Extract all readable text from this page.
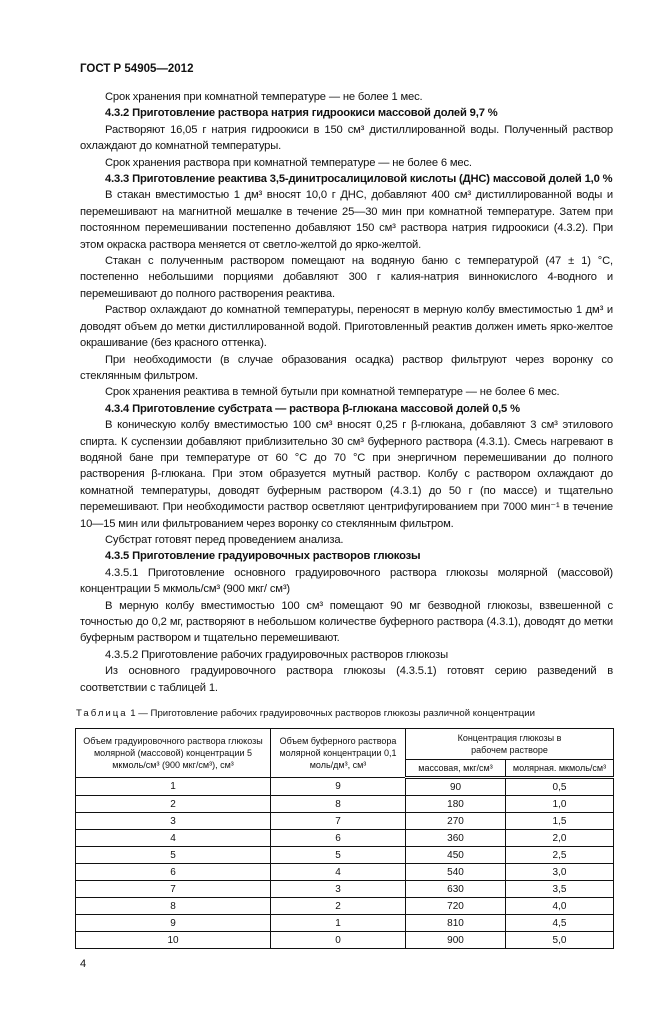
ГОСТ Р 54905—2012

Срок хранения при комнатной температуре — не более 1 мес.

4.3.2 Приготовление раствора натрия гидроокиси массовой долей 9,7 %

Растворяют 16,05 г натрия гидроокиси в 150 см³ дистиллированной воды. Полученный раствор охлаждают до комнатной температуры.

Срок хранения раствора при комнатной температуре — не более 6 мес.

4.3.3 Приготовление реактива 3,5-динитросалициловой кислоты (ДНС) массовой долей 1,0 %

В стакан вместимостью 1 дм³ вносят 10,0 г ДНС, добавляют 400 см³ дистиллированной воды и перемешивают на магнитной мешалке в течение 25—30 мин при комнатной температуре. Затем при постоянном перемешивании постепенно добавляют 150 см³ раствора натрия гидроокиси (4.3.2). При этом окраска раствора меняется от светло-желтой до ярко-желтой.

Стакан с полученным раствором помещают на водяную баню с температурой (47 ± 1) °С, постепенно небольшими порциями добавляют 300 г калия-натрия виннокислого 4-водного и перемешивают до полного растворения реактива.

Раствор охлаждают до комнатной температуры, переносят в мерную колбу вместимостью 1 дм³ и доводят объем до метки дистиллированной водой. Приготовленный реактив должен иметь ярко-желтое окрашивание (без красного оттенка).

При необходимости (в случае образования осадка) раствор фильтруют через воронку со стеклянным фильтром.

Срок хранения реактива в темной бутыли при комнатной температуре — не более 6 мес.

4.3.4 Приготовление субстрата — раствора β-глюкана массовой долей 0,5 %

В коническую колбу вместимостью 100 см³ вносят 0,25 г β-глюкана, добавляют 3 см³ этилового спирта. К суспензии добавляют приблизительно 30 см³ буферного раствора (4.3.1). Смесь нагревают в водяной бане при температуре от 60 °С до 70 °С при энергичном перемешивании до полного растворения β-глюкана. При этом образуется мутный раствор. Колбу с раствором охлаждают до комнатной температуры, доводят буферным раствором (4.3.1) до 50 г (по массе) и тщательно перемешивают. При необходимости раствор осветляют центрифугированием при 7000 мин⁻¹ в течение 10—15 мин или фильтрованием через воронку со стеклянным фильтром.

Субстрат готовят перед проведением анализа.

4.3.5 Приготовление градуировочных растворов глюкозы

4.3.5.1 Приготовление основного градуировочного раствора глюкозы молярной (массовой) концентрации 5 мкмоль/см³ (900 мкг/ см³)

В мерную колбу вместимостью 100 см³ помещают 90 мг безводной глюкозы, взвешенной с точностью до 0,2 мг, растворяют в небольшом количестве буферного раствора (4.3.1), доводят до метки буферным раствором и тщательно перемешивают.

4.3.5.2 Приготовление рабочих градуировочных растворов глюкозы

Из основного градуировочного раствора глюкозы (4.3.5.1) готовят серию разведений в соответствии с таблицей 1.

Таблица 1 — Приготовление рабочих градуировочных растворов глюкозы различной концентрации
Объем градуировочного раствора глюкозы молярной (массовой) концентрации 5 мкмоль/см³ (900 мкг/см³), см³	Объем буферного раствора молярной концентрации 0,1 моль/дм³, см³	Концентрация глюкозы в рабочем растворе	
		массовая, мкг/см³	молярная. мкмоль/см³
1	9	90	0,5
2	8	180	1,0
3	7	270	1,5
4	6	360	2,0
5	5	450	2,5
6	4	540	3,0
7	3	630	3,5
8	2	720	4,0
9	1	810	4,5
10	0	900	5,0
4
